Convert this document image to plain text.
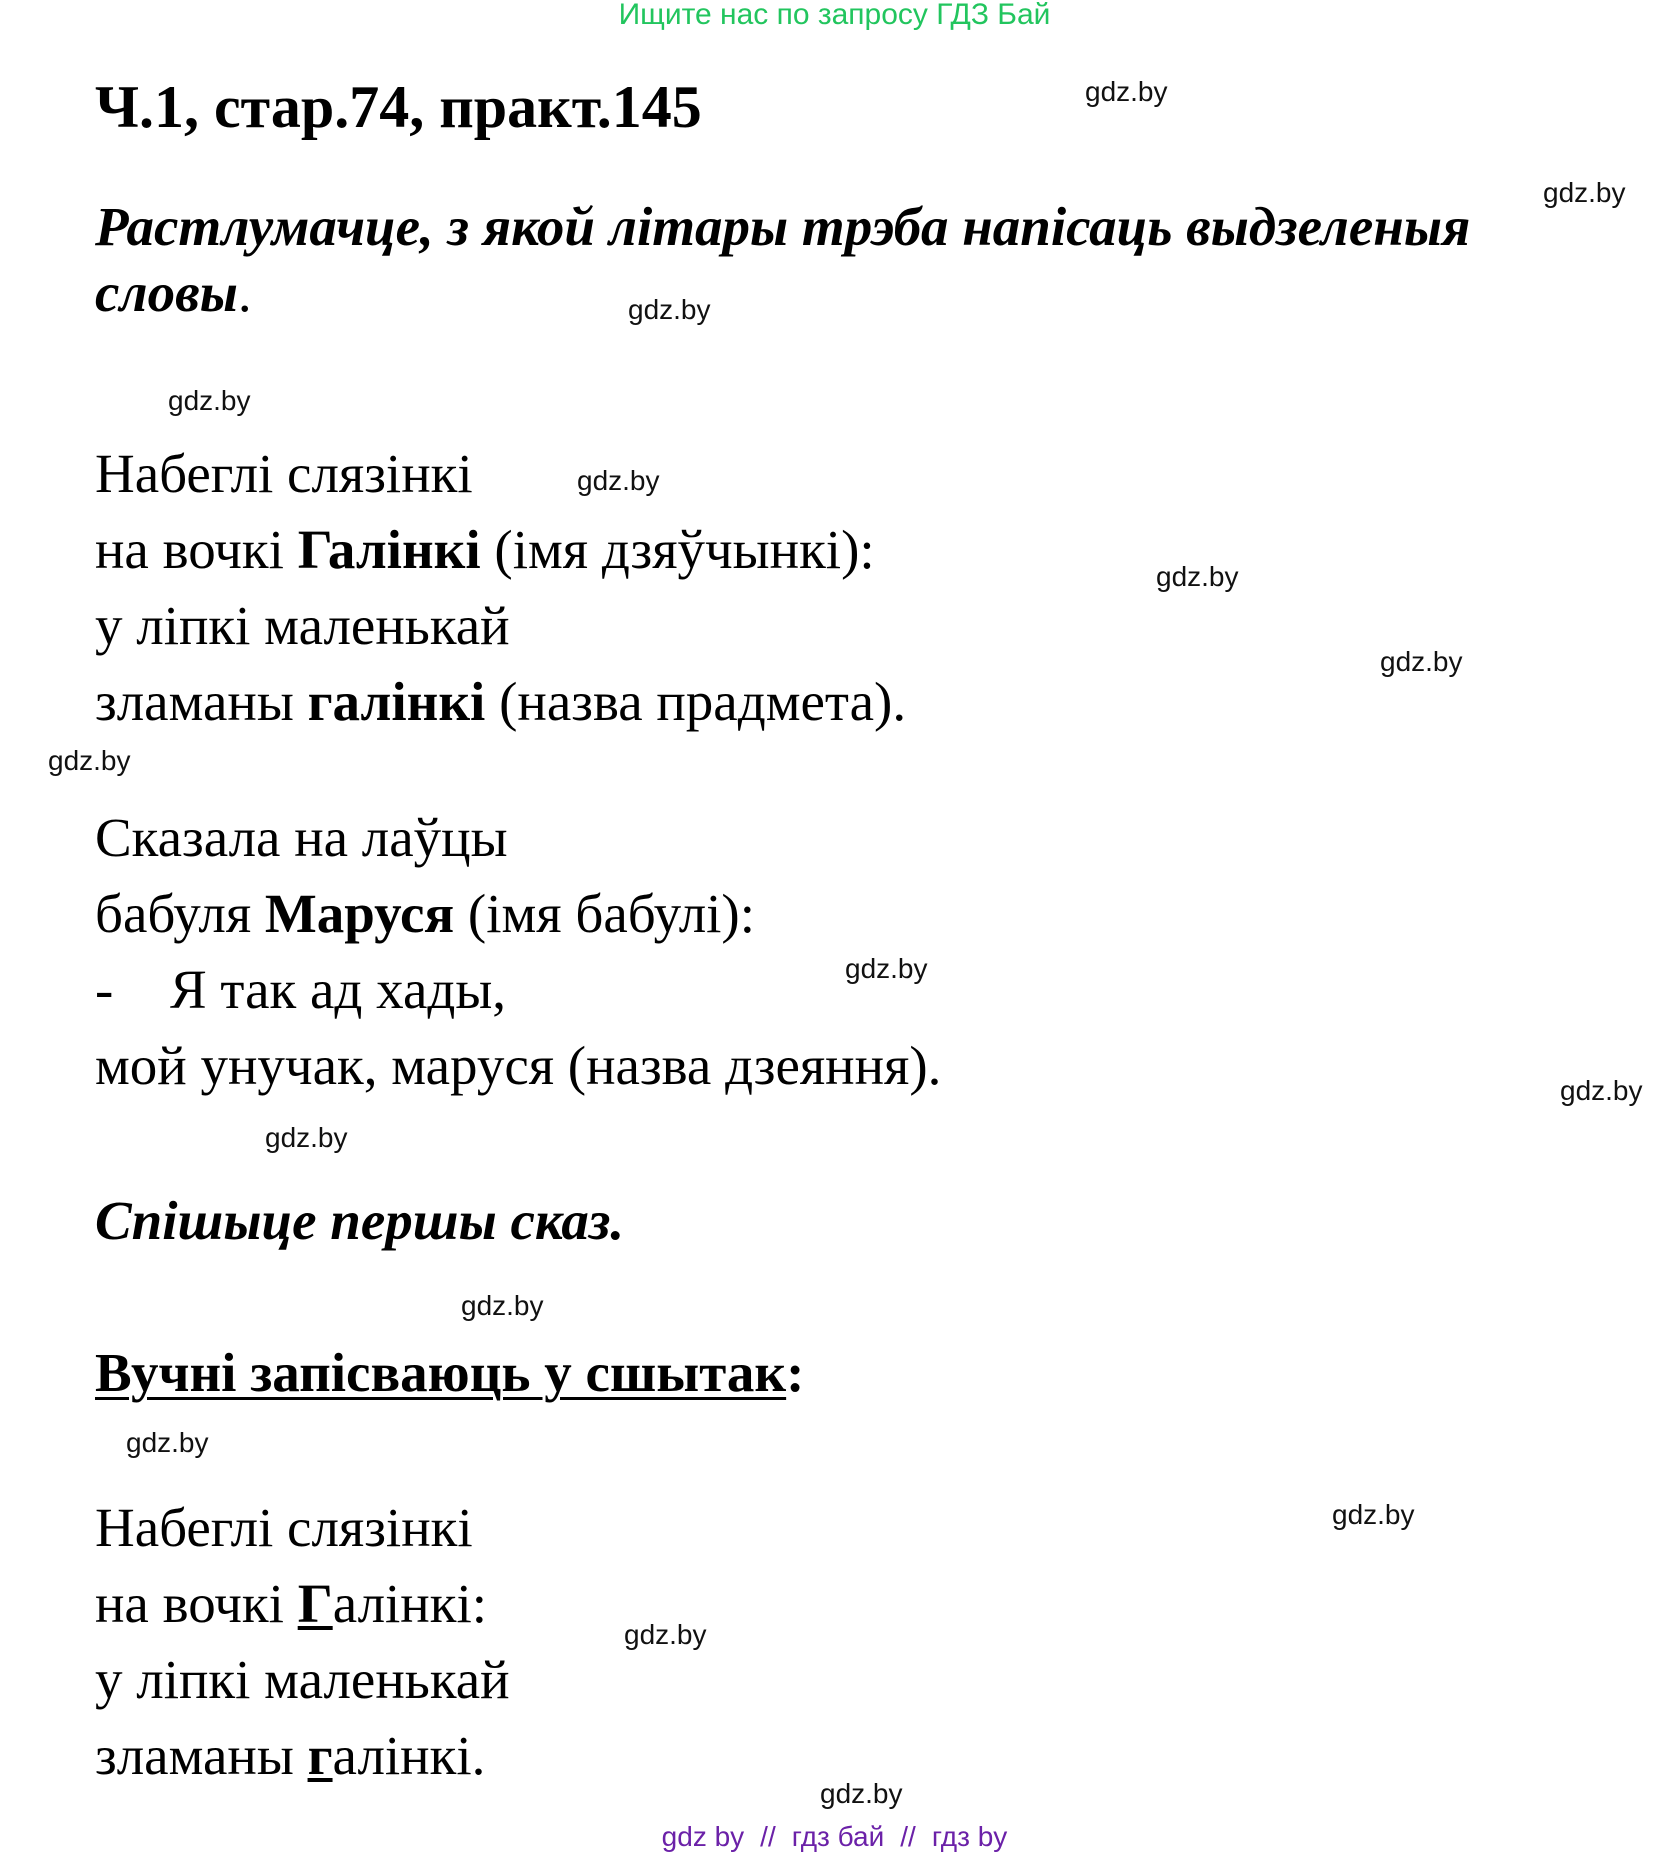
Ищите нас по запросу ГДЗ Бай
Ч.1, стар.74, практ.145

Растлумачце, з якой літары трэба напісаць выдзеленыя
словы.

Набеглі слязінкі
на вочкі Галінкі (імя дзяўчынкі):
у ліпкі маленькай
зламаны галінкі (назва прадмета).
Сказала на лаўцы
бабуля Маруся (імя бабулі):
- Я так ад хады,
мой унучак, маруся (назва дзеяння).

Спішыце першы сказ.

Вучні запісваюць у сшытак:
Набеглі слязінкі
на вочкі Галінкі:
у ліпкі маленькай
зламаны галінкі.
gdz.by
gdz.by
gdz.by
gdz.by
gdz.by
gdz.by
gdz.by
gdz.by
gdz.by
gdz.by
gdz.by
gdz.by
gdz.by
gdz.by
gdz.by
gdz.by
gdz by // гдз бай // гдз by
